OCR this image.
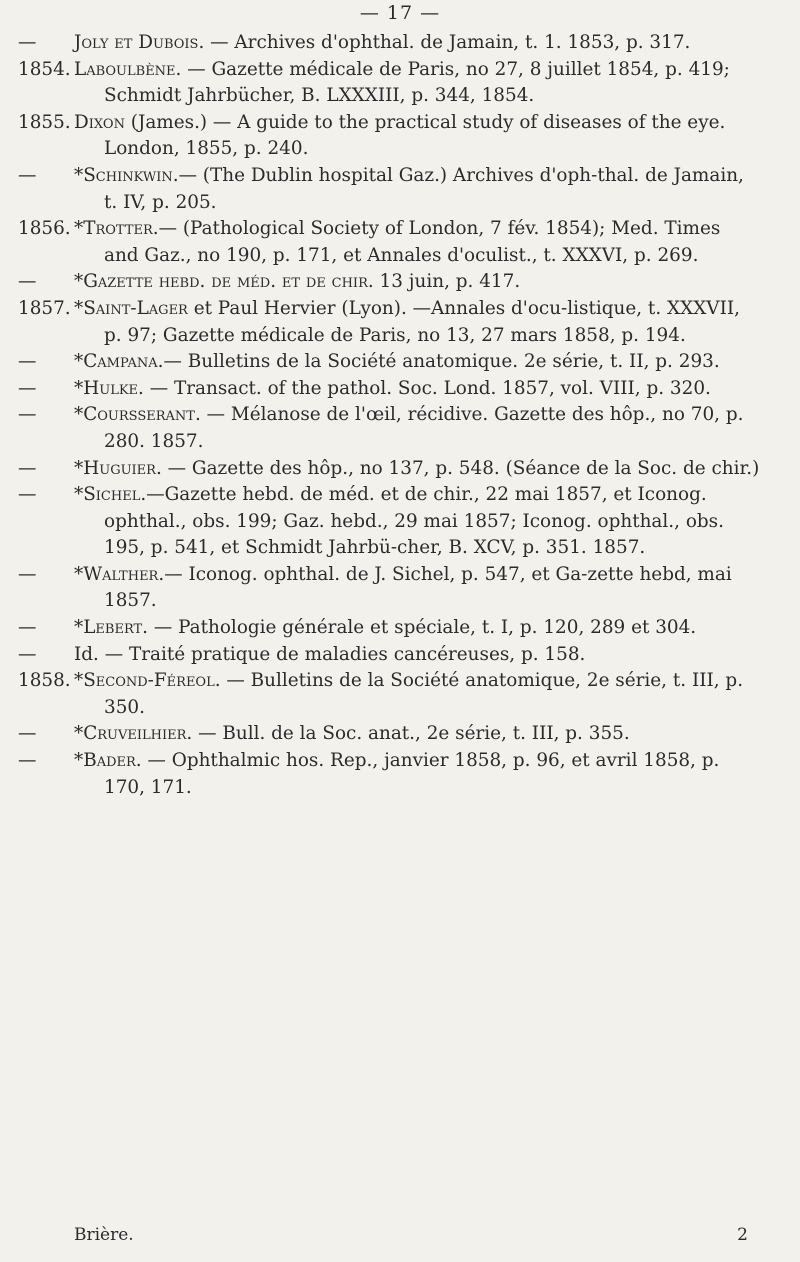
— 17 —
—	Joly et Dubois. — Archives d'ophthal. de Jamain, t. 1. 1853, p. 317.
1854. Laboulbène. — Gazette médicale de Paris, no 27, 8 juillet 1854, p. 419; Schmidt Jahrbücher, B. LXXXIII, p. 344, 1854.
1855. Dixon (James.) — A guide to the practical study of diseases of the eye. London, 1855, p. 240.
—	*Schinkwin.— (The Dublin hospital Gaz.) Archives d'oph-thal. de Jamain, t. IV, p. 205.
1856. *Trotter.— (Pathological Society of London, 7 fév. 1854); Med. Times and Gaz., no 190, p. 171, et Annales d'oculist., t. XXXVI, p. 269.
—	*Gazette hebd. de méd. et de chir. 13 juin, p. 417.
1857. *Saint-Lager et Paul Hervier (Lyon). —Annales d'ocu-listique, t. XXXVII, p. 97; Gazette médicale de Paris, no 13, 27 mars 1858, p. 194.
—	*Campana.— Bulletins de la Société anatomique. 2e série, t. II, p. 293.
—	*Hulke. — Transact. of the pathol. Soc. Lond. 1857, vol. VIII, p. 320.
—	*Coursserant. — Mélanose de l'œil, récidive. Gazette des hôp., no 70, p. 280. 1857.
—	*Huguier. — Gazette des hôp., no 137, p. 548. (Séance de la Soc. de chir.)
—	*Sichel.—Gazette hebd. de méd. et de chir., 22 mai 1857, et Iconog. ophthal., obs. 199; Gaz. hebd., 29 mai 1857; Iconog. ophthal., obs. 195, p. 541, et Schmidt Jahrbü-cher, B. XCV, p. 351. 1857.
—	*Walther.— Iconog. ophthal. de J. Sichel, p. 547, et Ga-zette hebd, mai 1857.
—	*Lebert. — Pathologie générale et spéciale, t. I, p. 120, 289 et 304.
—	Id. — Traité pratique de maladies cancéreuses, p. 158.
1858. *Second-Féreol. — Bulletins de la Société anatomique, 2e série, t. III, p. 350.
—	*Cruveilhier. — Bull. de la Soc. anat., 2e série, t. III, p. 355.
—	*Bader. — Ophthalmic hos. Rep., janvier 1858, p. 96, et avril 1858, p. 170, 171.
Brière.	2
